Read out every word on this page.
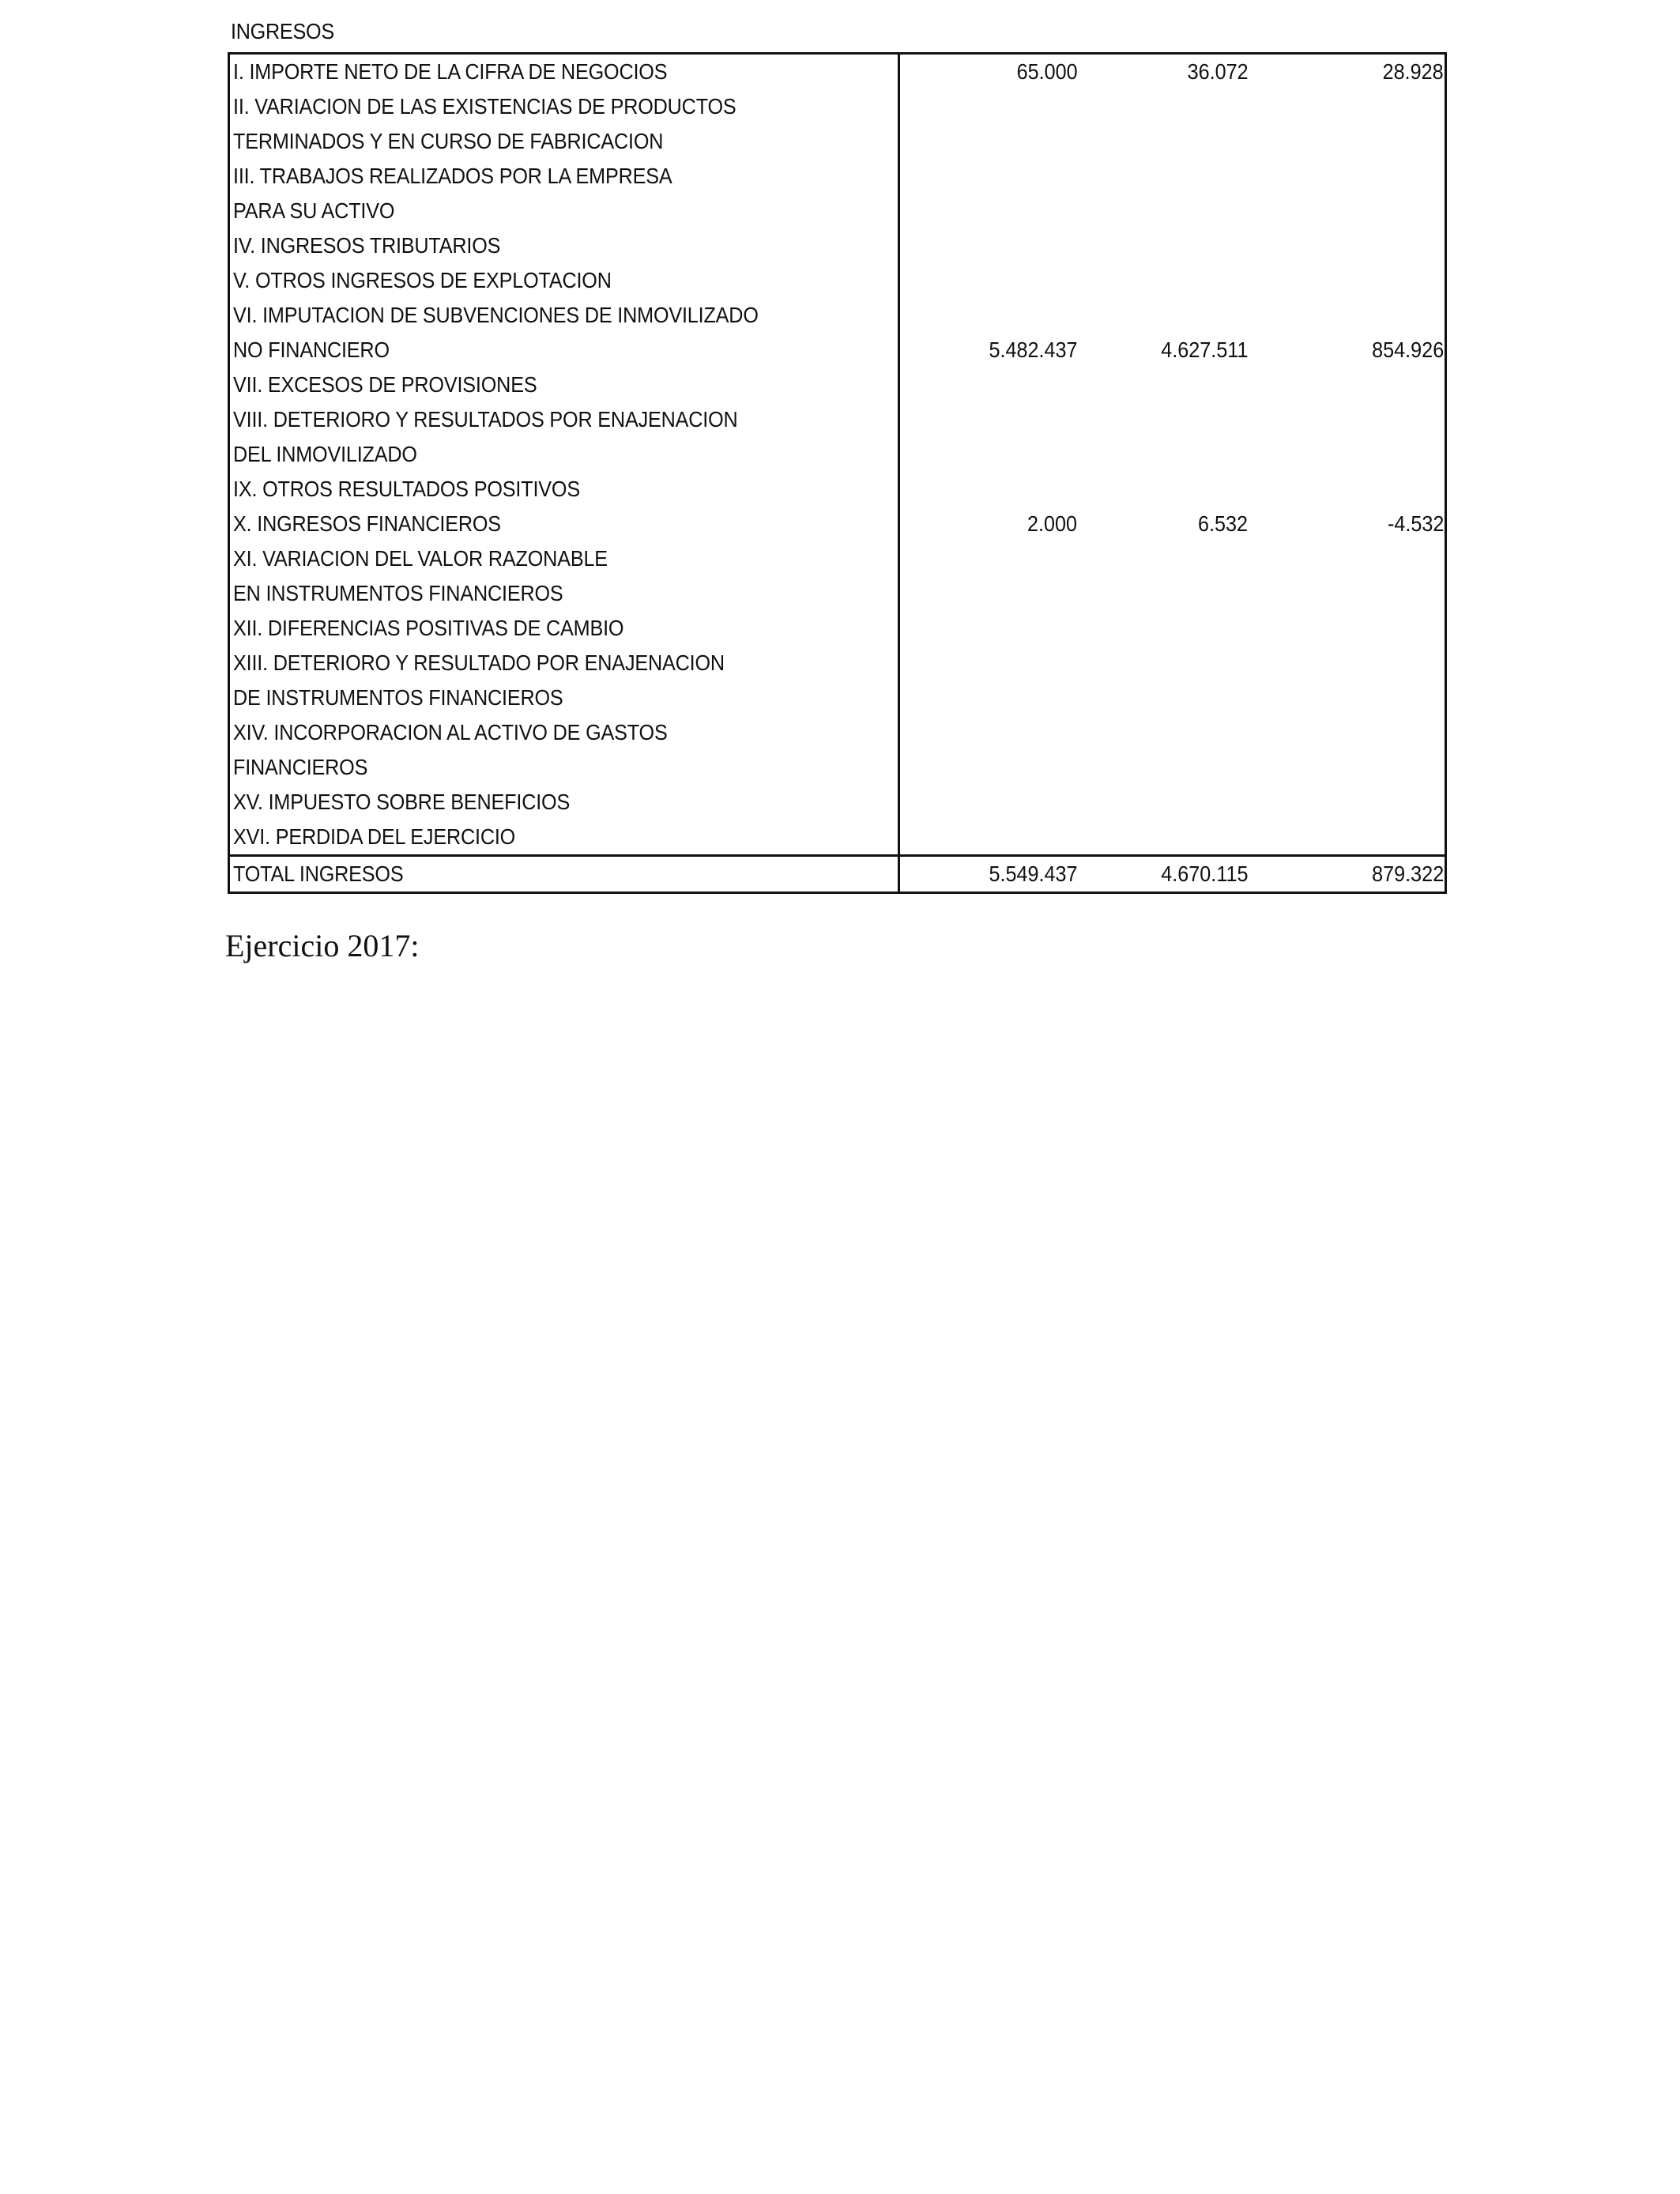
INGRESOS
I. IMPORTE NETO DE LA CIFRA DE NEGOCIOS	65.000	36.072	28.928
II. VARIACION DE LAS EXISTENCIAS DE PRODUCTOS			
TERMINADOS Y EN CURSO DE FABRICACION			
III. TRABAJOS REALIZADOS POR LA EMPRESA			
PARA SU ACTIVO			
IV. INGRESOS TRIBUTARIOS			
V. OTROS INGRESOS DE EXPLOTACION			
VI. IMPUTACION DE SUBVENCIONES DE INMOVILIZADO			
NO FINANCIERO	5.482.437	4.627.511	854.926
VII. EXCESOS DE PROVISIONES			
VIII. DETERIORO Y RESULTADOS POR ENAJENACION			
DEL INMOVILIZADO			
IX. OTROS RESULTADOS POSITIVOS			
X. INGRESOS FINANCIEROS	2.000	6.532	-4.532
XI. VARIACION DEL VALOR RAZONABLE			
EN INSTRUMENTOS FINANCIEROS			
XII. DIFERENCIAS POSITIVAS DE CAMBIO			
XIII. DETERIORO Y RESULTADO POR ENAJENACION			
DE INSTRUMENTOS FINANCIEROS			
XIV. INCORPORACION AL ACTIVO DE GASTOS			
FINANCIEROS			
XV. IMPUESTO SOBRE BENEFICIOS			
XVI. PERDIDA DEL EJERCICIO			
TOTAL INGRESOS	5.549.437	4.670.115	879.322
Ejercicio 2017:
